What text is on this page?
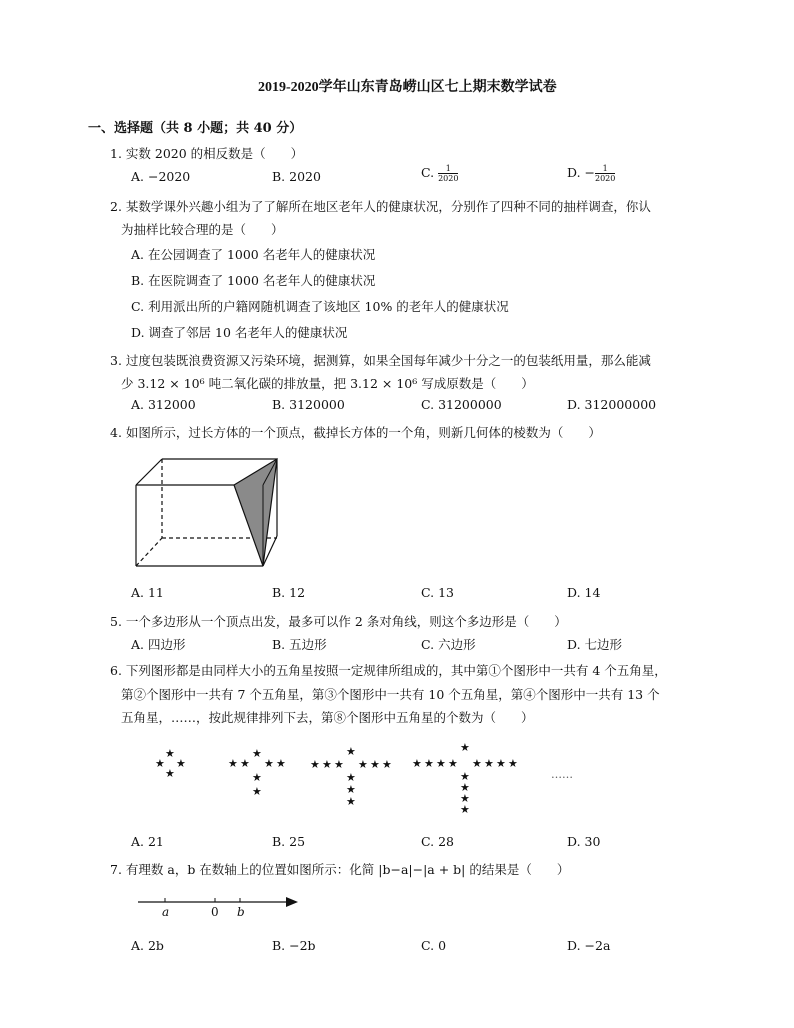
2019-2020学年山东青岛崂山区七上期末数学试卷
一、选择题（共 8 小题；共 40 分）
1. 实数 2020 的相反数是（　　）
A. −2020	B. 2020	C. $\frac{1}{2020}$	D. − $\frac{1}{2020}$
2. 某数学课外兴趣小组为了了解所在地区老年人的健康状况，分别作了四种不同的抽样调查，你认
为抽样比较合理的是（　　）
A. 在公园调查了 1000 名老年人的健康状况
B. 在医院调查了 1000 名老年人的健康状况
C. 利用派出所的户籍网随机调查了该地区 10% 的老年人的健康状况
D. 调查了邻居 10 名老年人的健康状况
3. 过度包装既浪费资源又污染环境，据测算，如果全国每年减少十分之一的包装纸用量，那么能减
少 3.12 × 10⁶ 吨二氧化碳的排放量，把 3.12 × 10⁶ 写成原数是（　　）
A. 312000	B. 3120000	C. 31200000	D. 312000000
4. 如图所示，过长方体的一个顶点，截掉长方体的一个角，则新几何体的棱数为（　　）
A. 11	B. 12	C. 13	D. 14
5. 一个多边形从一个顶点出发，最多可以作 2 条对角线，则这个多边形是（　　）
A. 四边形	B. 五边形	C. 六边形	D. 七边形
6. 下列图形都是由同样大小的五角星按照一定规律所组成的，其中第①个图形中一共有 4 个五角星，
第②个图形中一共有 7 个五角星，第③个图形中一共有 10 个五角星，第④个图形中一共有 13 个
五角星，……，按此规律排列下去，第⑧个图形中五角星的个数为（　　）
★
★ ★
★
★
★ ★ ★ ★
★
★
★
★ ★ ★ ★ ★ ★
★
★
★
★
★ ★ ★ ★ ★ ★ ★ ★
★
★
★
★
……
A. 21	B. 25	C. 28	D. 30
7. 有理数 a，b 在数轴上的位置如图所示：化简 |b−a|−|a + b| 的结果是（　　）
a	0 b
A. 2b	B. −2b	C. 0	D. −2a
